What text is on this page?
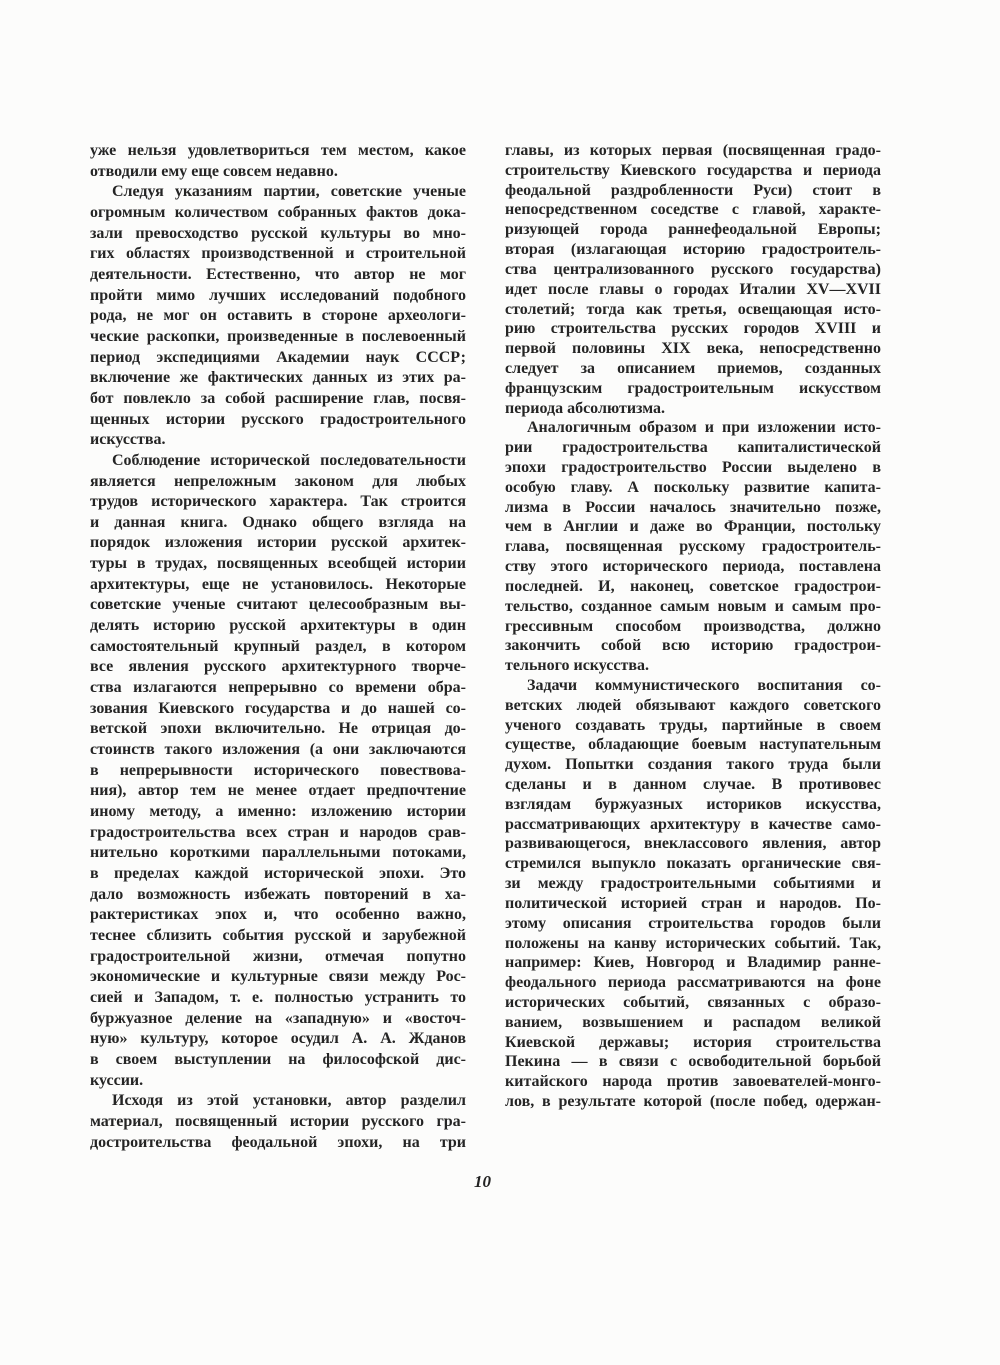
уже нельзя удовлетвориться тем местом, какое
отводили ему еще совсем недавно.
Следуя указаниям партии, советские ученые
огромным количеством собранных фактов дока-
зали превосходство русской культуры во мно-
гих областях производственной и строительной
деятельности. Естественно, что автор не мог
пройти мимо лучших исследований подобного
рода, не мог он оставить в стороне археологи-
ческие раскопки, произведенные в послевоенный
период экспедициями Академии наук СССР;
включение же фактических данных из этих ра-
бот повлекло за собой расширение глав, посвя-
щенных истории русского градостроительного
искусства.
Соблюдение исторической последовательности
является непреложным законом для любых
трудов исторического характера. Так строится
и данная книга. Однако общего взгляда на
порядок изложения истории русской архитек-
туры в трудах, посвященных всеобщей истории
архитектуры, еще не установилось. Некоторые
советские ученые считают целесообразным вы-
делять историю русской архитектуры в один
самостоятельный крупный раздел, в котором
все явления русского архитектурного творче-
ства излагаются непрерывно со времени обра-
зования Киевского государства и до нашей со-
ветской эпохи включительно. Не отрицая до-
стоинств такого изложения (а они заключаются
в непрерывности исторического повествова-
ния), автор тем не менее отдает предпочтение
иному методу, а именно: изложению истории
градостроительства всех стран и народов срав-
нительно короткими параллельными потоками,
в пределах каждой исторической эпохи. Это
дало возможность избежать повторений в ха-
рактеристиках эпох и, что особенно важно,
теснее сблизить события русской и зарубежной
градостроительной жизни, отмечая попутно
экономические и культурные связи между Рос-
сией и Западом, т. е. полностью устранить то
буржуазное деление на «западную» и «восточ-
ную» культуру, которое осудил А. А. Жданов
в своем выступлении на философской дис-
куссии.
Исходя из этой установки, автор разделил
материал, посвященный истории русского гра-
достроительства феодальной эпохи, на три
главы, из которых первая (посвященная градо-
строительству Киевского государства и периода
феодальной раздробленности Руси) стоит в
непосредственном соседстве с главой, характе-
ризующей города раннефеодальной Европы;
вторая (излагающая историю градостроитель-
ства централизованного русского государства)
идет после главы о городах Италии XV—XVII
столетий; тогда как третья, освещающая исто-
рию строительства русских городов XVIII и
первой половины XIX века, непосредственно
следует за описанием приемов, созданных
французским градостроительным искусством
периода абсолютизма.
Аналогичным образом и при изложении исто-
рии градостроительства капиталистической
эпохи градостроительство России выделено в
особую главу. А поскольку развитие капита-
лизма в России началось значительно позже,
чем в Англии и даже во Франции, постольку
глава, посвященная русскому градостроитель-
ству этого исторического периода, поставлена
последней. И, наконец, советское градострои-
тельство, созданное самым новым и самым про-
грессивным способом производства, должно
закончить собой всю историю градострои-
тельного искусства.
Задачи коммунистического воспитания со-
ветских людей обязывают каждого советского
ученого создавать труды, партийные в своем
существе, обладающие боевым наступательным
духом. Попытки создания такого труда были
сделаны и в данном случае. В противовес
взглядам буржуазных историков искусства,
рассматривающих архитектуру в качестве само-
развивающегося, внеклассового явления, автор
стремился выпукло показать органические свя-
зи между градостроительными событиями и
политической историей стран и народов. По-
этому описания строительства городов были
положены на канву исторических событий. Так,
например: Киев, Новгород и Владимир ранне-
феодального периода рассматриваются на фоне
исторических событий, связанных с образо-
ванием, возвышением и распадом великой
Киевской державы; история строительства
Пекина — в связи с освободительной борьбой
китайского народа против завоевателей-монго-
лов, в результате которой (после побед, одержан-
10
